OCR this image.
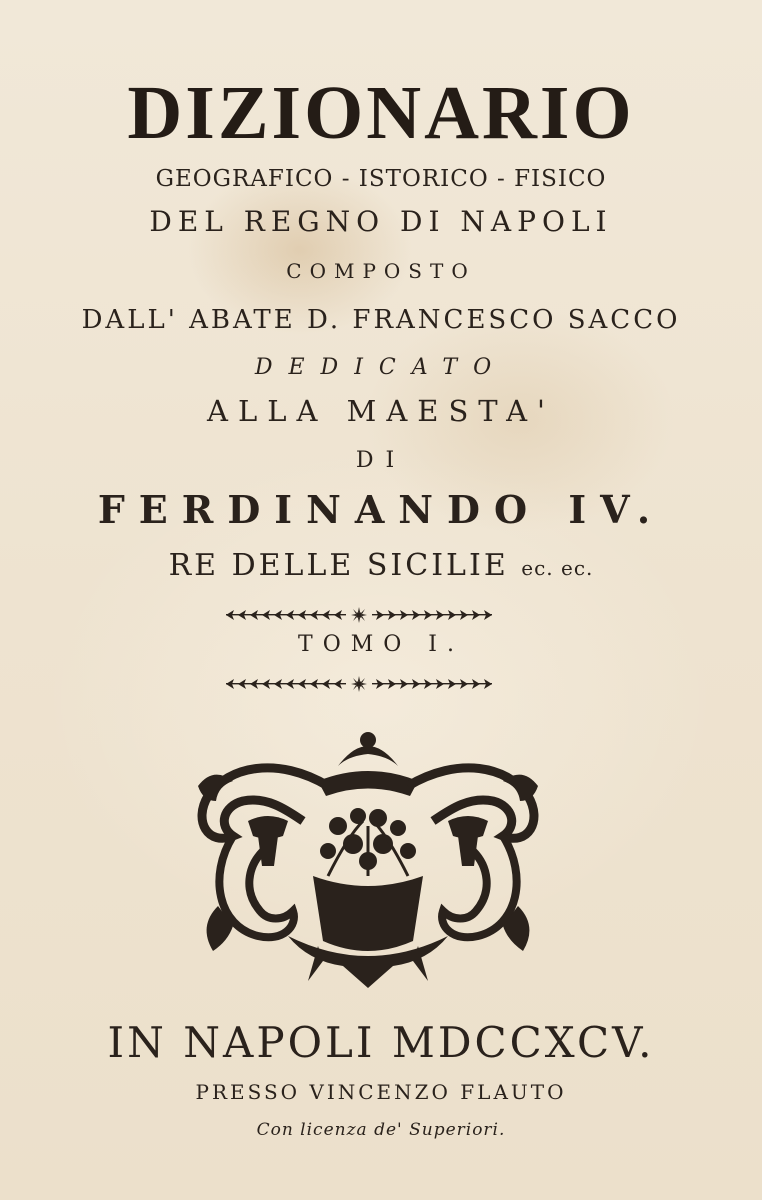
DIZIONARIO
GEOGRAFICO - ISTORICO - FISICO
DEL REGNO DI NAPOLI
COMPOSTO
DALL' ABATE D. FRANCESCO SACCO
DEDICATO
ALLA MAESTA'
DI
FERDINANDO IV.
RE DELLE SICILIE ec. ec.
TOMO I.
IN NAPOLI MDCCXCV.
PRESSO VINCENZO FLAUTO
Con licenza de' Superiori.
